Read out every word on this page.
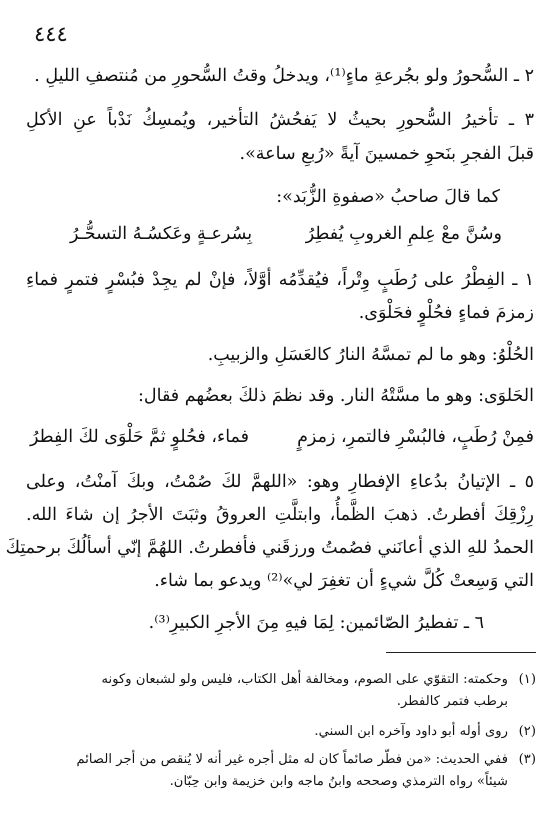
٤٤٤
٢ ـ السُّحورُ ولو بجُرعةِ ماءٍ⁽¹⁾، ويدخلُ وقتُ السُّحورِ من مُنتصفِ الليلِ .
٣ ـ تأخيرُ السُّحورِ بحيثُ لا يَفحُشُ التأخير، ويُمسِكُ نَدْباً عنِ الأكلِ
قبلَ الفجرِ بنَحوِ خمسينَ آيةً «رُبعِ ساعة».
كما قالَ صاحبُ «صفوةِ الزُّبَد»:
وسُنَّ معْ عِلمِ الغروبِ يُفطِرُ
بِسُرعـةٍ وعَكسُـهُ التسحُّـرُ
١ ـ الفِطْرُ على رُطَبٍ وِتْراً، فيُقدِّمُه أوَّلاً، فإنْ لم يجِدْ فبُسْرٍ فتمرٍ فماءِ
زمزمَ فماءٍ فحُلْوٍ فحَلْوَى.
الحُلْوُ: وهو ما لم تمسَّهُ النارُ كالعَسَلِ والزبيبِ.
الحَلوَى: وهو ما مسَّتْهُ النار. وقد نظمَ ذلكَ بعضُهم فقال:
فمِنْ رُطَبٍ، فالبُسْرِ فالتمرِ، زمزمٍ
فماء، فحُلوٍ ثمَّ حَلْوَى لكَ الفِطرُ
٥ ـ الإتيانُ بدُعاءِ الإفطارِ وهو: «اللهمَّ لكَ صُمْتُ، وبكَ آمنْتُ، وعلى
رِزْقِكَ أفطرتُ. ذهبَ الظَّمأُ، وابتلَّتِ العروقُ وثبَتَ الأجرُ إن شاءَ الله.
الحمدُ للهِ الذي أعانَني فصُمتُ ورزقَني فأفطرتُ. اللهُمَّ إنّي أسألُكَ برحمتِكَ
التي وَسِعتْ كُلَّ شيءٍ أن تغفِرَ لي»⁽²⁾ ويدعو بما شاء.
٦ ـ تفطيرُ الصّائمين: لِمَا فيهِ مِنَ الأجرِ الكبيرِ⁽³⁾.
(١)وحكمته: التقوّي على الصوم، ومخالفة أهل الكتاب، فليس ولو لشبعان وكونه
برطب فتمر كالفطر.
(٢)روى أوله أبو داود وآخره ابن السني.
(٣)ففي الحديث: «من فطّر صائماً كان له مثل أجره غير أنه لا يُنقص من أجر الصائم
شيئاً» رواه الترمذي وصححه وابنُ ماجه وابن خزيمة وابن حِبّان.
